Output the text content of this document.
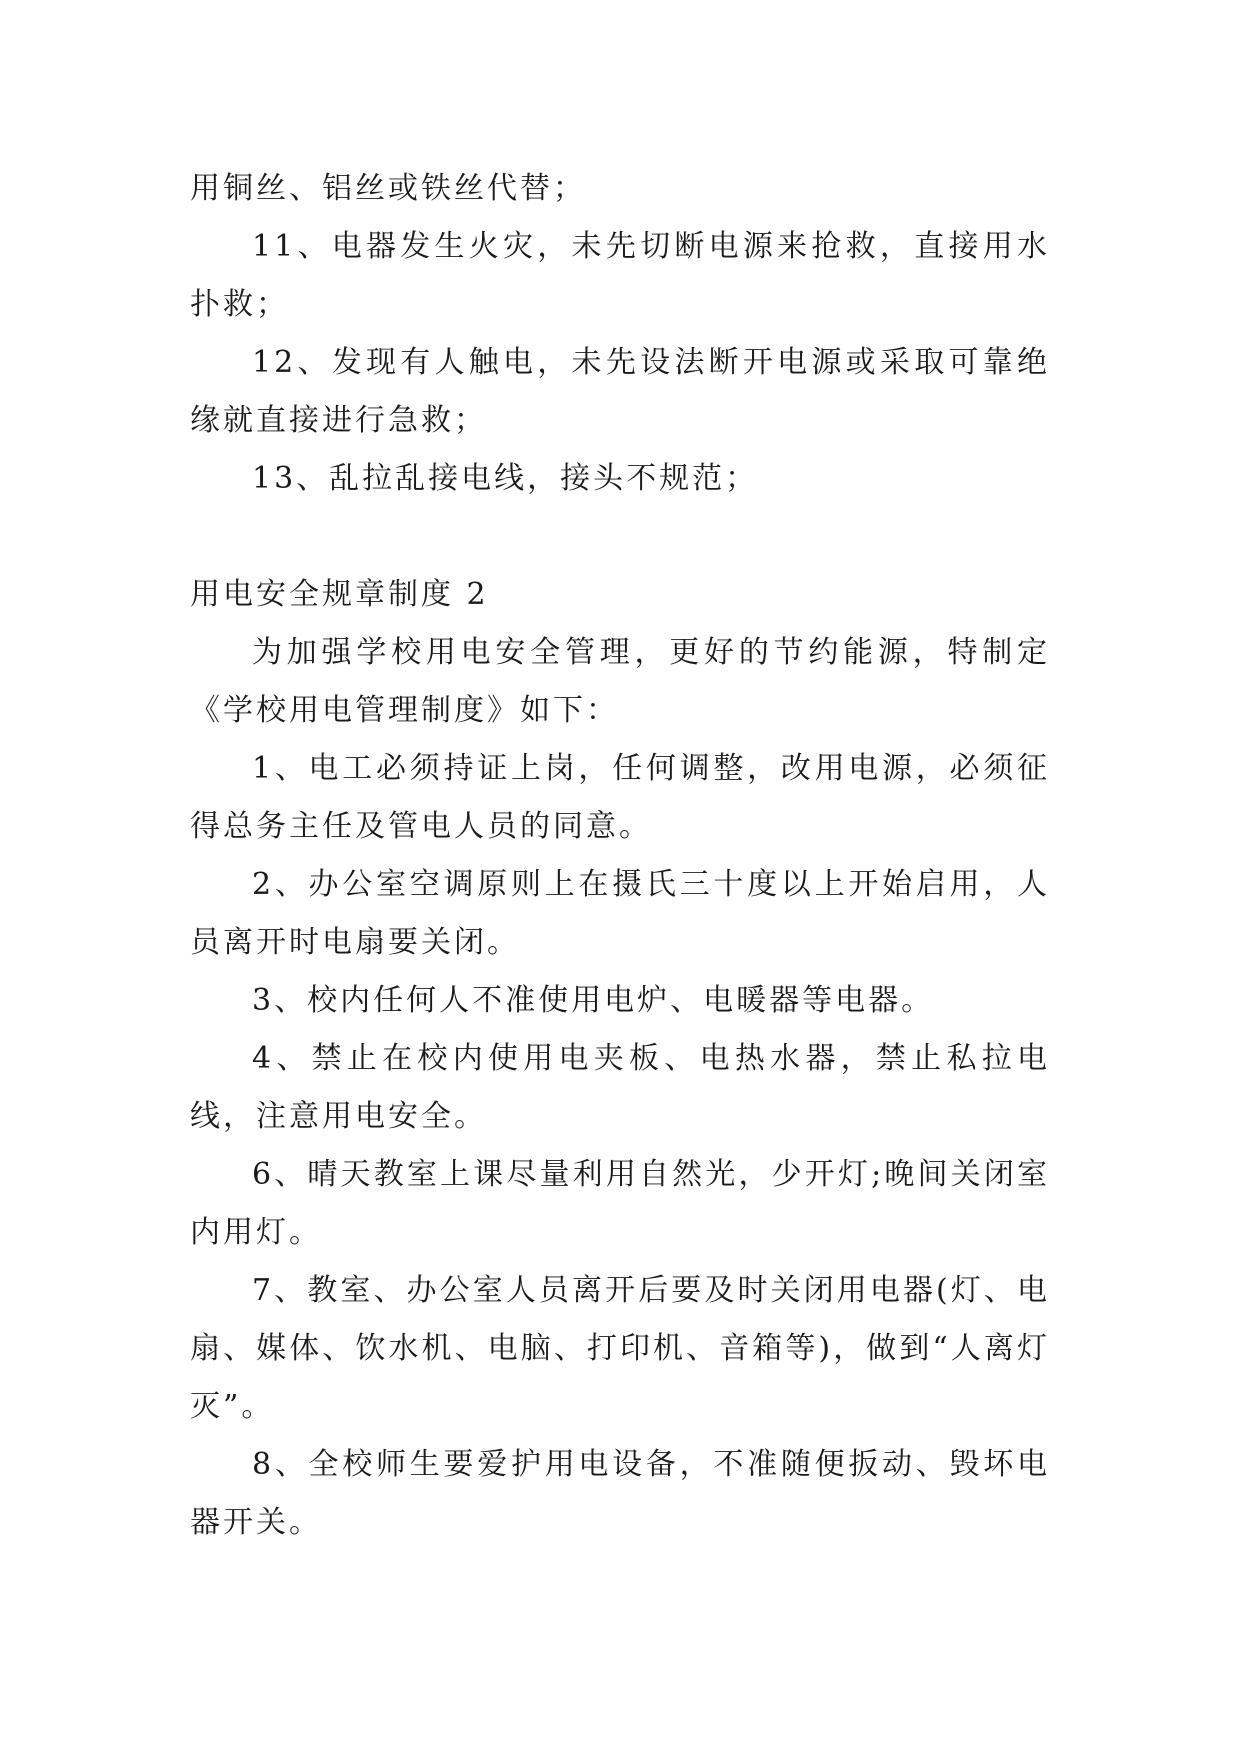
用铜丝、铝丝或铁丝代替；

11、电器发生火灾，未先切断电源来抢救，直接用水扑救；

12、发现有人触电，未先设法断开电源或采取可靠绝缘就直接进行急救；

13、乱拉乱接电线，接头不规范；

用电安全规章制度 2

为加强学校用电安全管理，更好的节约能源，特制定《学校用电管理制度》如下：

1、电工必须持证上岗，任何调整，改用电源，必须征得总务主任及管电人员的同意。

2、办公室空调原则上在摄氏三十度以上开始启用，人员离开时电扇要关闭。

3、校内任何人不准使用电炉、电暖器等电器。

4、禁止在校内使用电夹板、电热水器，禁止私拉电线，注意用电安全。

6、晴天教室上课尽量利用自然光，少开灯;晚间关闭室内用灯。

7、教室、办公室人员离开后要及时关闭用电器(灯、电扇、媒体、饮水机、电脑、打印机、音箱等)，做到“人离灯灭”。

8、全校师生要爱护用电设备，不准随便扳动、毁坏电器开关。
